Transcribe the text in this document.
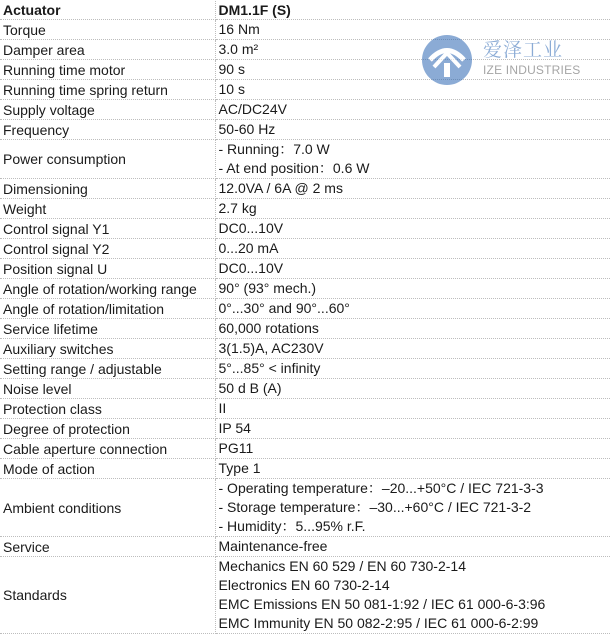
Actuator	DM1.1F (S)
Torque	16 Nm

Damper area	3.0 m²

Running time motor	90 s

Running time spring return	10 s

Supply voltage	AC/DC24V

Frequency	50-60 Hz

Power consumption	- Running：7.0 W
- At end position：0.6 W

Dimensioning	12.0VA / 6A @ 2 ms

Weight	2.7 kg

Control signal Y1	DC0...10V

Control signal Y2	0...20 mA

Position signal U	DC0...10V

Angle of rotation/working range	90° (93° mech.)

Angle of rotation/limitation	0°...30° and 90°...60°

Service lifetime	60,000 rotations

Auxiliary switches	3(1.5)A, AC230V

Setting range / adjustable	5°...85° < infinity

Noise level	50 d B (A)

Protection class	II

Degree of protection	IP 54

Cable aperture connection	PG11

Mode of action	Type 1

Ambient conditions	- Operating temperature：–20...+50°C / IEC 721-3-3
- Storage temperature：–30...+60°C / IEC 721-3-2
- Humidity：5...95% r.F.

Service	Maintenance-free

Standards	Mechanics EN 60 529 / EN 60 730-2-14
Electronics EN 60 730-2-14
EMC Emissions EN 50 081-1:92 / IEC 61 000-6-3:96
EMC Immunity EN 50 082-2:95 / IEC 61 000-6-2:99
爱泽工业
IZE INDUSTRIES
